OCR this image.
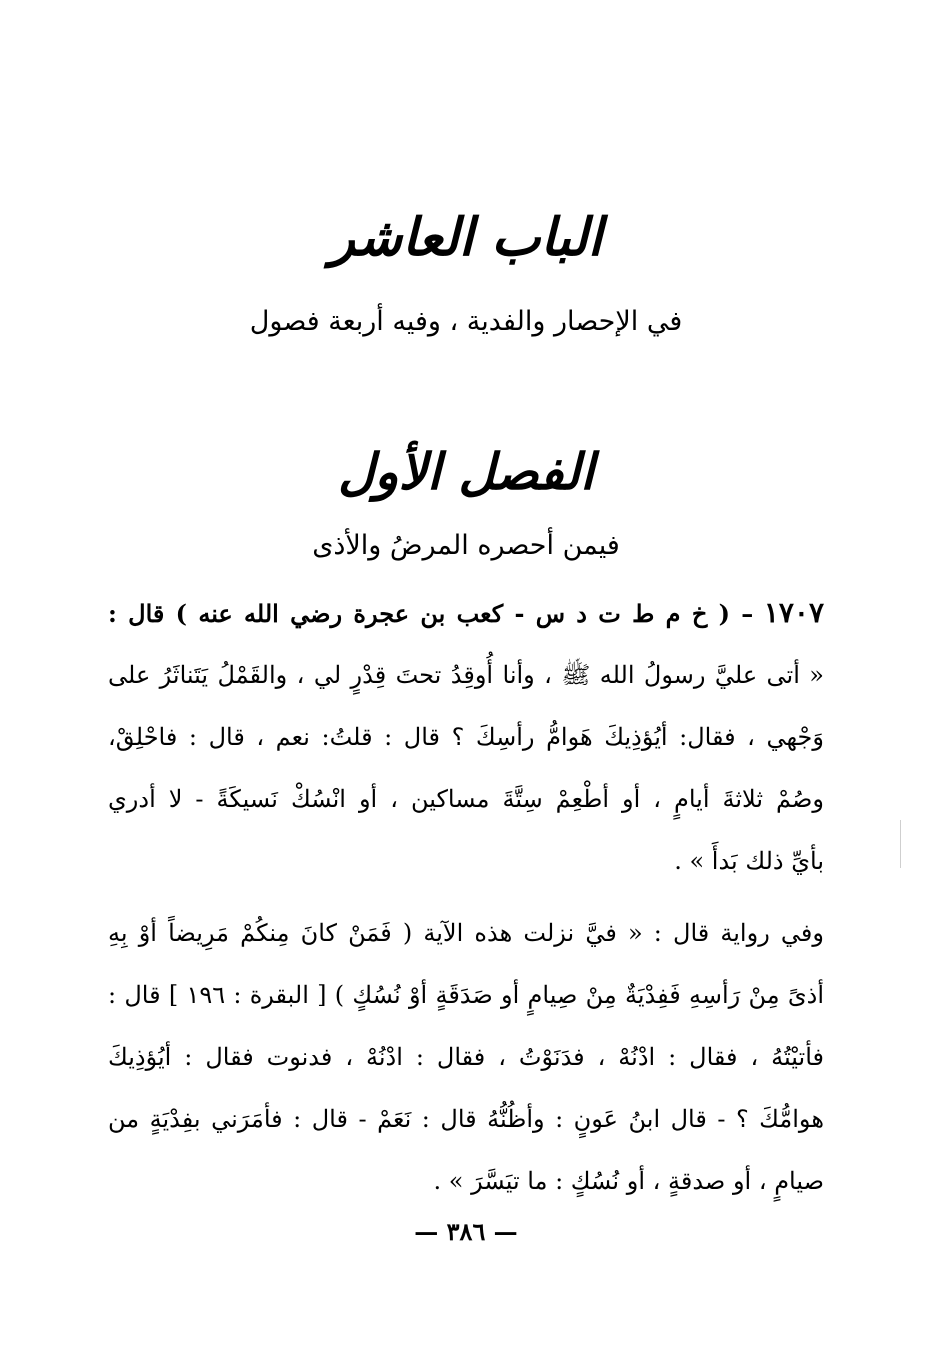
الباب العاشر
في الإحصار والفدية ، وفيه أربعة فصول
الفصل الأول
فيمن أحصره المرضُ والأذى
١٧٠٧ – ( خ م ط ت د س - كعب بن عجرة رضي الله عنه ) قال :
« أتى عليَّ رسولُ الله ﷺ ، وأنا أُوقِدُ تحتَ قِدْرٍ لي ، والقَمْلُ يَتَناثَرُ على
وَجْهي ، فقال: أيُؤذِيكَ هَوامُّ رأسِكَ ؟ قال : قلتُ: نعم ، قال : فاحْلِقْ،
وصُمْ ثلاثةَ أيامٍ ، أو أطْعِمْ سِتَّةَ مساكين ، أو انْسُكْ نَسيكَةً - لا أدري
بأيِّ ذلك بَدأَ » .
وفي رواية قال : « فيَّ نزلت هذه الآية ( فَمَنْ كانَ مِنكُمْ مَرِيضاً أوْ بِهِ
أذىً مِنْ رَأسِهِ فَفِدْيَةٌ مِنْ صِيامٍ أو صَدَقَةٍ أوْ نُسُكٍ ) [ البقرة : ١٩٦ ] قال :
فأتيْتُهُ ، فقال : ادْنُهْ ، فدَنَوْتُ ، فقال : ادْنُهْ ، فدنوت فقال : أيُؤذِيكَ
هوامُّكَ ؟ - قال ابنُ عَونٍ : وأظُنُّهُ قال : نَعَمْ - قال : فأمَرَني بفِدْيَةٍ من
صيامٍ ، أو صدقةٍ ، أو نُسُكٍ : ما تيَسَّرَ » .
— ٣٨٦ —
